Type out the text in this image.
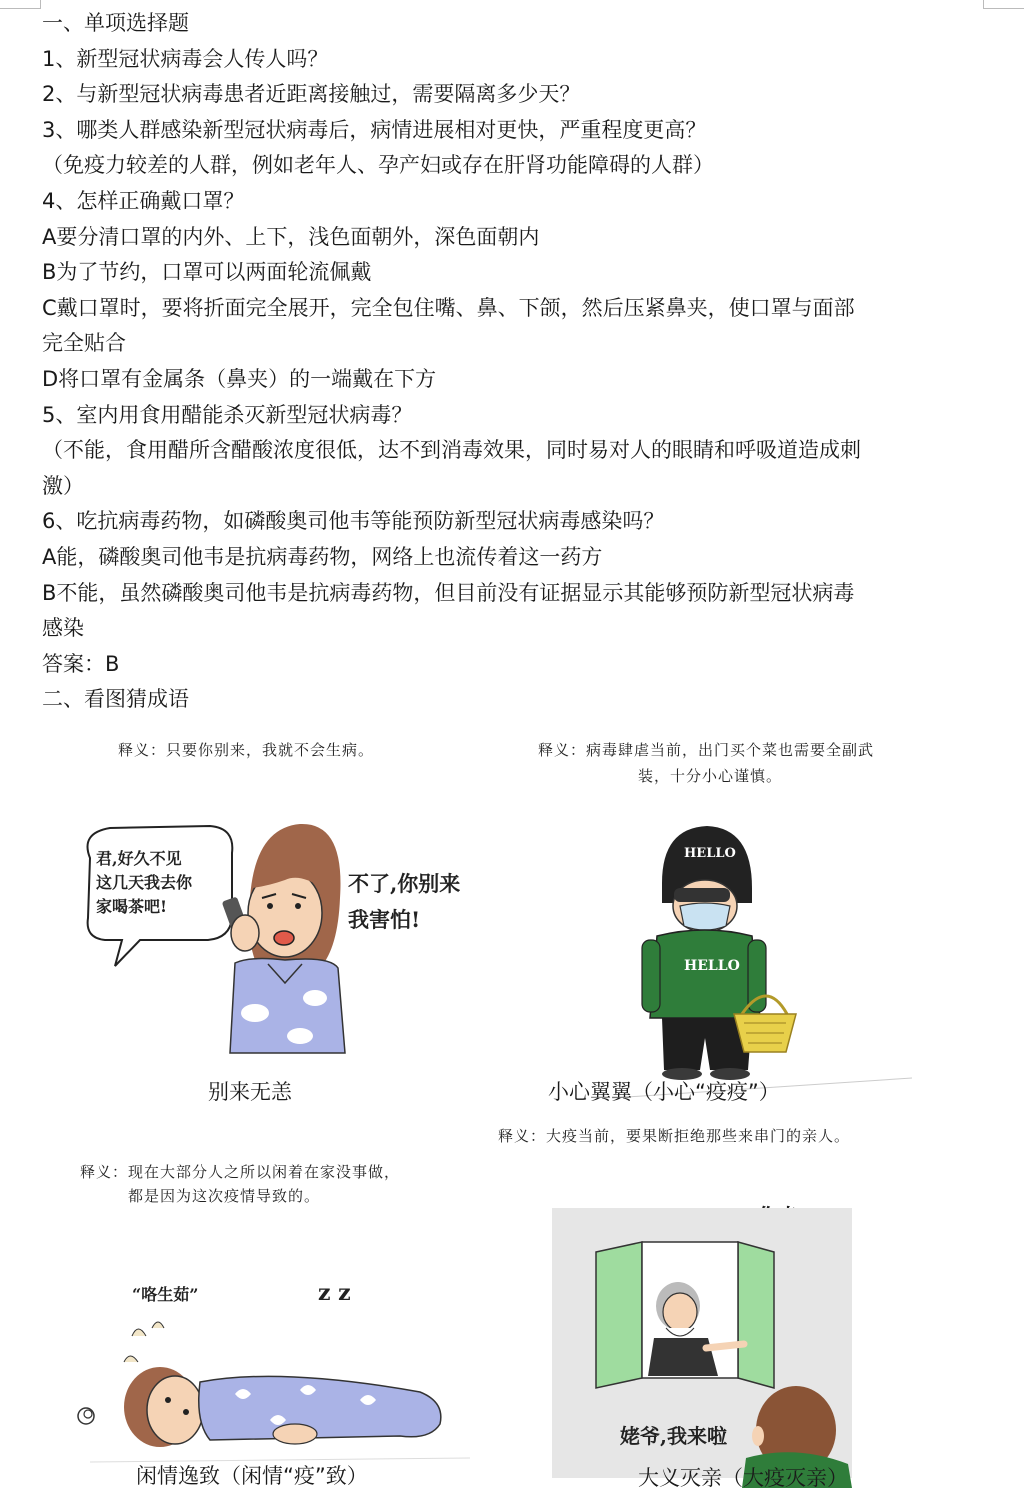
一、单项选择题
1、新型冠状病毒会人传人吗？
2、与新型冠状病毒患者近距离接触过，需要隔离多少天？
3、哪类人群感染新型冠状病毒后，病情进展相对更快，严重程度更高？
（免疫力较差的人群，例如老年人、孕产妇或存在肝肾功能障碍的人群）
4、怎样正确戴口罩？
A要分清口罩的内外、上下，浅色面朝外，深色面朝内
B为了节约，口罩可以两面轮流佩戴
C戴口罩时，要将折面完全展开，完全包住嘴、鼻、下颌，然后压紧鼻夹，使口罩与面部
完全贴合
D将口罩有金属条（鼻夹）的一端戴在下方
5、室内用食用醋能杀灭新型冠状病毒？
（不能，食用醋所含醋酸浓度很低，达不到消毒效果，同时易对人的眼睛和呼吸道造成刺
激）
6、吃抗病毒药物，如磷酸奥司他韦等能预防新型冠状病毒感染吗？
A能，磷酸奥司他韦是抗病毒药物，网络上也流传着这一药方
B不能，虽然磷酸奥司他韦是抗病毒药物，但目前没有证据显示其能够预防新型冠状病毒
感染
答案：B
二、看图猜成语
释义：只要你别来，我就不会生病。
君,好久不见
这几天我去你
家喝茶吧!
不了,你别来
我害怕!
别来无恙
释义：病毒肆虐当前，出门买个菜也需要全副武
装，十分小心谨慎。
HELLO
HELLO
小心翼翼（小心“疫疫”）
释义：现在大部分人之所以闲着在家没事做，
都是因为这次疫情导致的。
“咯生茹”	z z
闲情逸致（闲情“疫”致）
释义：大疫当前，要果断拒绝那些来串门的亲人。
姥爷,我来啦
大义灭亲（大疫灭亲）
